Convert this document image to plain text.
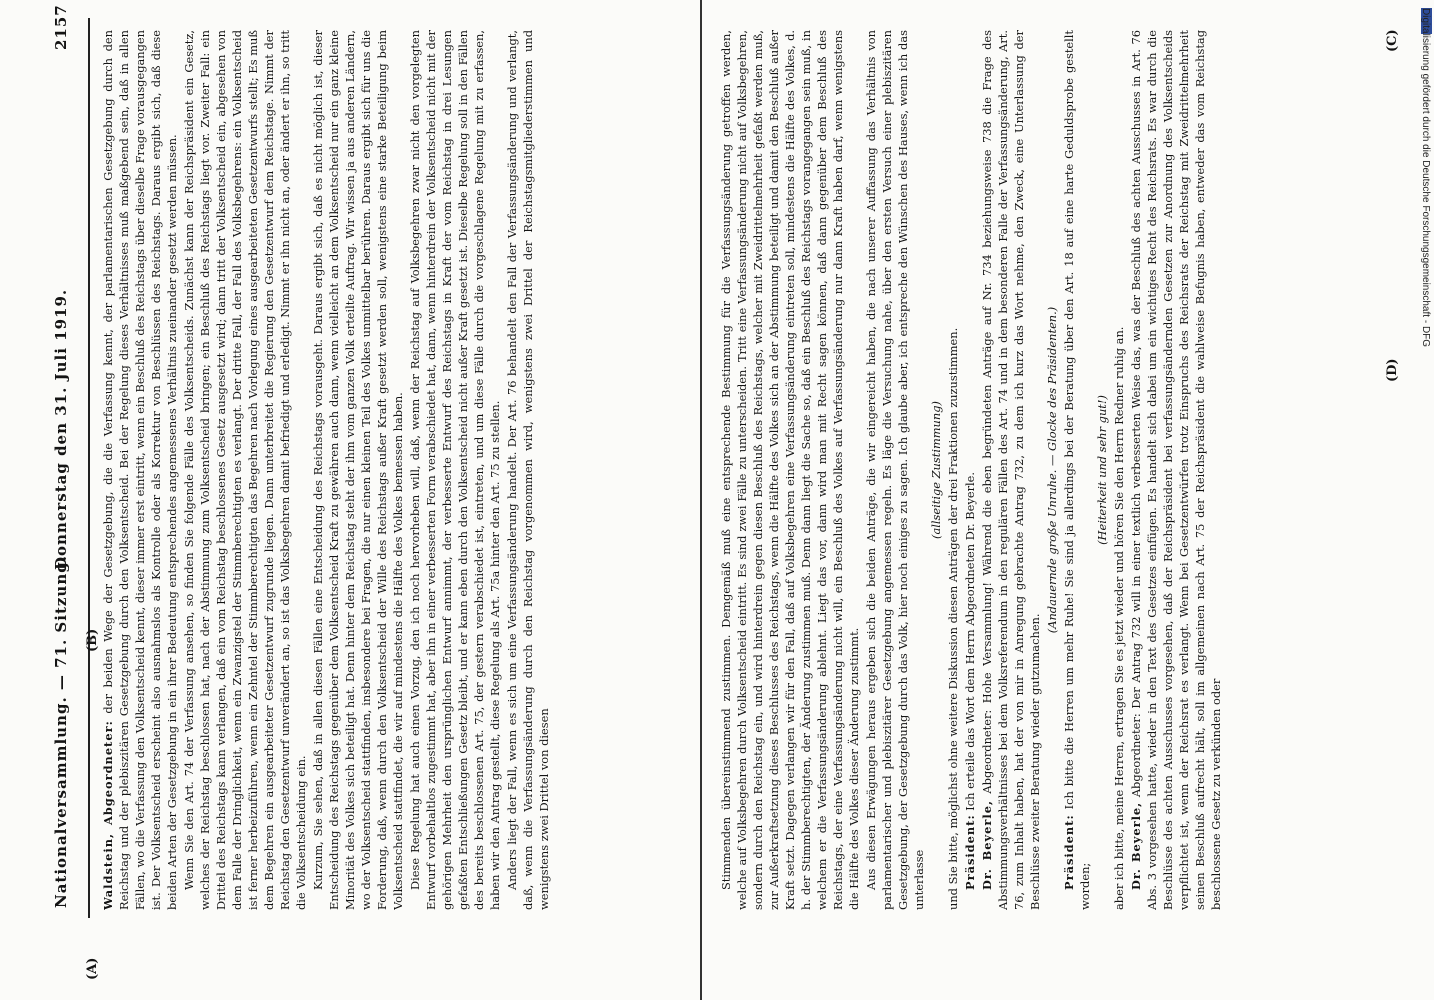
Nationalversammlung. — 71. Sitzung.
Donnerstag den 31. Juli 1919.
2157
(A)
(B)
(C)
(D)

Waldstein, Abgeordneter: der beiden Wege der Gesetzgebung, die die Verfassung kennt, der parlamentarischen Gesetzgebung durch den Reichstag und der plebiszitären Gesetzgebung durch den Volksentscheid. Bei der Regelung dieses Verhältnisses muß maßgebend sein, daß in allen Fällen, wo die Verfassung den Volksentscheid kennt, dieser immer erst eintritt, wenn ein Beschluß des Reichstags über dieselbe Frage vorausgegangen ist. Der Volksentscheid erscheint also ausnahmslos als Kontrolle oder als Korrektur von Beschlüssen des Reichstags. Daraus ergibt sich, daß diese beiden Arten der Gesetzgebung in ein ihrer Bedeutung entsprechendes angemessenes Verhältnis zueinander gesetzt werden müssen. Wenn Sie den Art. 74 der Verfassung ansehen, so finden Sie folgende Fälle des Volksentscheids. Zunächst kann der Reichspräsident ein Gesetz, welches der Reichstag beschlossen hat, nach der Abstimmung zum Volksentscheid bringen; ein Beschluß des Reichstags liegt vor. Zweiter Fall: ein Drittel des Reichstags kann verlangen, daß ein vom Reichstag beschlossenes Gesetz ausgesetzt wird; dann tritt der Volksentscheid ein, abgesehen von dem Falle der Dringlichkeit, wenn ein Zwanzigstel der Stimmberechtigten es verlangt. Der dritte Fall, der Fall des Volksbegehrens: ein Volksentscheid ist ferner herbeizuführen, wenn ein Zehntel der Stimmberechtigten das Begehren nach Vorlegung eines ausgearbeiteten Gesetzentwurfs stellt; Es muß dem Begehren ein ausgearbeiteter Gesetzentwurf zugrunde liegen. Dann unterbreitet die Regierung den Gesetzentwurf dem Reichstage. Nimmt der Reichstag den Gesetzentwurf unverändert an, so ist das Volksbegehren damit befriedigt und erledigt. Nimmt er ihn nicht an, oder ändert er ihn, so tritt die Volksentscheidung ein. Kurzum, Sie sehen, daß in allen diesen Fällen eine Entscheidung des Reichstags vorausgeht. Daraus ergibt sich, daß es nicht möglich ist, dieser Entscheidung des Reichstags gegenüber dem Volksentscheid Kraft zu gewähren auch dann, wenn vielleicht an dem Volksentscheid nur ein ganz kleine Minorität des Volkes sich beteiligt hat. Denn hinter dem Reichstag steht der ihm vom ganzen Volk erteilte Auftrag. Wir wissen ja aus anderen Ländern, wo der Volksentscheid stattfinden, insbesondere bei Fragen, die nur einen kleinen Teil des Volkes unmittelbar berühren. Daraus ergibt sich für uns die Forderung, daß, wenn durch den Volksentscheid der Wille des Reichstags außer Kraft gesetzt werden soll, wenigstens eine starke Beteiligung beim Volksentscheid stattfindet, die wir auf mindestens die Hälfte des Volkes bemessen haben. Diese Regelung hat auch einen Vorzug, den ich noch hervorheben will, daß, wenn der Reichstag auf Volksbegehren zwar nicht den vorgelegten Entwurf vorbehaltlos zugestimmt hat, aber ihn in einer verbesserten Form verabschiedet hat, dann, wenn hinterdrein der Volksentscheid nicht mit der gehörigen Mehrheit den ursprünglichen Entwurf annimmt, der verbesserte Entwurf des Reichstags in Kraft der vom Reichstag in drei Lesungen gefaßten Entschließungen Gesetz bleibt, und er kann eben durch den Volksentscheid nicht außer Kraft gesetzt ist. Dieselbe Regelung soll in den Fällen des bereits beschlossenen Art. 75, der gestern verabschiedet ist, eintreten, und um diese Fälle durch die vorgeschlagene Regelung mit zu erfassen, haben wir den Antrag gestellt, diese Regelung als Art. 75a hinter den Art. 75 zu stellen. Anders liegt der Fall, wenn es sich um eine Verfassungsänderung handelt. Der Art. 76 behandelt den Fall der Verfassungsänderung und verlangt, daß, wenn die Verfassungsänderung durch den Reichstag vorgenommen wird, wenigstens zwei Drittel der Reichstagsmitgliederstimmen und wenigstens zwei Drittel von diesen	Stimmenden übereinstimmend zustimmen. Demgemäß muß eine entsprechende Bestimmung für die Verfassungsänderung getroffen werden, welche auf Volksbegehren durch Volksentscheid eintritt. Es sind zwei Fälle zu unterscheiden. Tritt eine Verfassungsänderung nicht auf Volksbegehren, sondern durch den Reichstag ein, und wird hinterdrein gegen diesen Beschluß des Reichstags, welcher mit Zweidrittelmehrheit gefaßt werden muß, zur Außerkraftsetzung dieses Beschlusses des Reichstags, wenn die Hälfte des Volkes sich an der Abstimmung beteiligt und damit den Beschluß außer Kraft setzt. Dagegen verlangen wir für den Fall, daß auf Volksbegehren eine Verfassungsänderung eintreten soll, mindestens die Hälfte des Volkes, d. h. der Stimmberechtigten, der Änderung zustimmen muß. Denn dann liegt die Sache so, daß ein Beschluß des Reichstags vorangegangen sein muß, in welchem er die Verfassungsänderung ablehnt. Liegt das vor, dann wird man mit Recht sagen können, daß dann gegenüber dem Beschluß des Reichstags, der eine Verfassungsänderung nicht will, ein Beschluß des Volkes auf Verfassungsänderung nur dann Kraft haben darf, wenn wenigstens die Hälfte des Volkes dieser Änderung zustimmt. Aus diesen Erwägungen heraus ergeben sich die beiden Anträge, die wir eingereicht haben, die nach unserer Auffassung das Verhältnis von parlamentarischer und plebiszitärer Gesetzgebung angemessen regeln. Es läge die Versuchung nahe, über den ersten Versuch einer plebiszitären Gesetzgebung, der Gesetzgebung durch das Volk, hier noch einiges zu sagen. Ich glaube aber, ich entspreche den Wünschen des Hauses, wenn ich das unterlasse

(allseitige Zustimmung) und Sie bitte, möglichst ohne weitere Diskussion diesen Anträgen der drei Fraktionen zuzustimmen. Präsident: Ich erteile das Wort dem Herrn Abgeordneten Dr. Beyerle.

Dr. Beyerle, Abgeordneter: Hohe Versammlung! Während die eben begründeten Anträge auf Nr. 734 beziehungsweise 738 die Frage des Abstimmungsverhältnisses bei dem Volksreferendum in den regulären Fällen des Art. 74 und in dem besonderen Falle der Verfassungsänderung, Art. 76, zum Inhalt haben, hat der von mir in Anregung gebrachte Antrag 732, zu dem ich kurz das Wort nehme, den Zweck, eine Unterlassung der Beschlüsse zweiter Beratung wieder gutzumachen.

(Andauernde große Unruhe. — Glocke des Präsidenten.)

Präsident: Ich bitte die Herren um mehr Ruhe! Sie sind ja allerdings bei der Beratung über den Art. 18 auf eine harte Geduldsprobe gestellt worden;

(Heiterkeit und sehr gut!) aber ich bitte, meine Herren, ertragen Sie es jetzt wieder und hören Sie den Herrn Redner ruhig an. Dr. Beyerle, Abgeordneter: Der Antrag 732 will in einer textlich verbesserten Weise das, was der Beschluß des achten Ausschusses in Art. 76 Abs. 3 vorgesehen hatte, wieder in den Text des Gesetzes einfügen. Es handelt sich dabei um ein wichtiges Recht des Reichsrats. Es war durch die Beschlüsse des achten Ausschusses vorgesehen, daß der Reichspräsident bei verfassungsändernden Gesetzen zur Anordnung des Volksentscheids verpflichtet ist, wenn der Reichsrat es verlangt. Wenn bei Gesetzentwürfen trotz Einspruchs des Reichsrats der Reichstag mit Zweidrittelmehrheit seinen Beschluß aufrecht hält, soll im allgemeinen nach Art. 75 der Reichspräsident die wahlweise Befugnis haben, entweder das vom Reichstag beschlossene Gesetz zu verkünden oder

Digitalisierung gefördert durch die Deutsche Forschungsgemeinschaft - DFG
